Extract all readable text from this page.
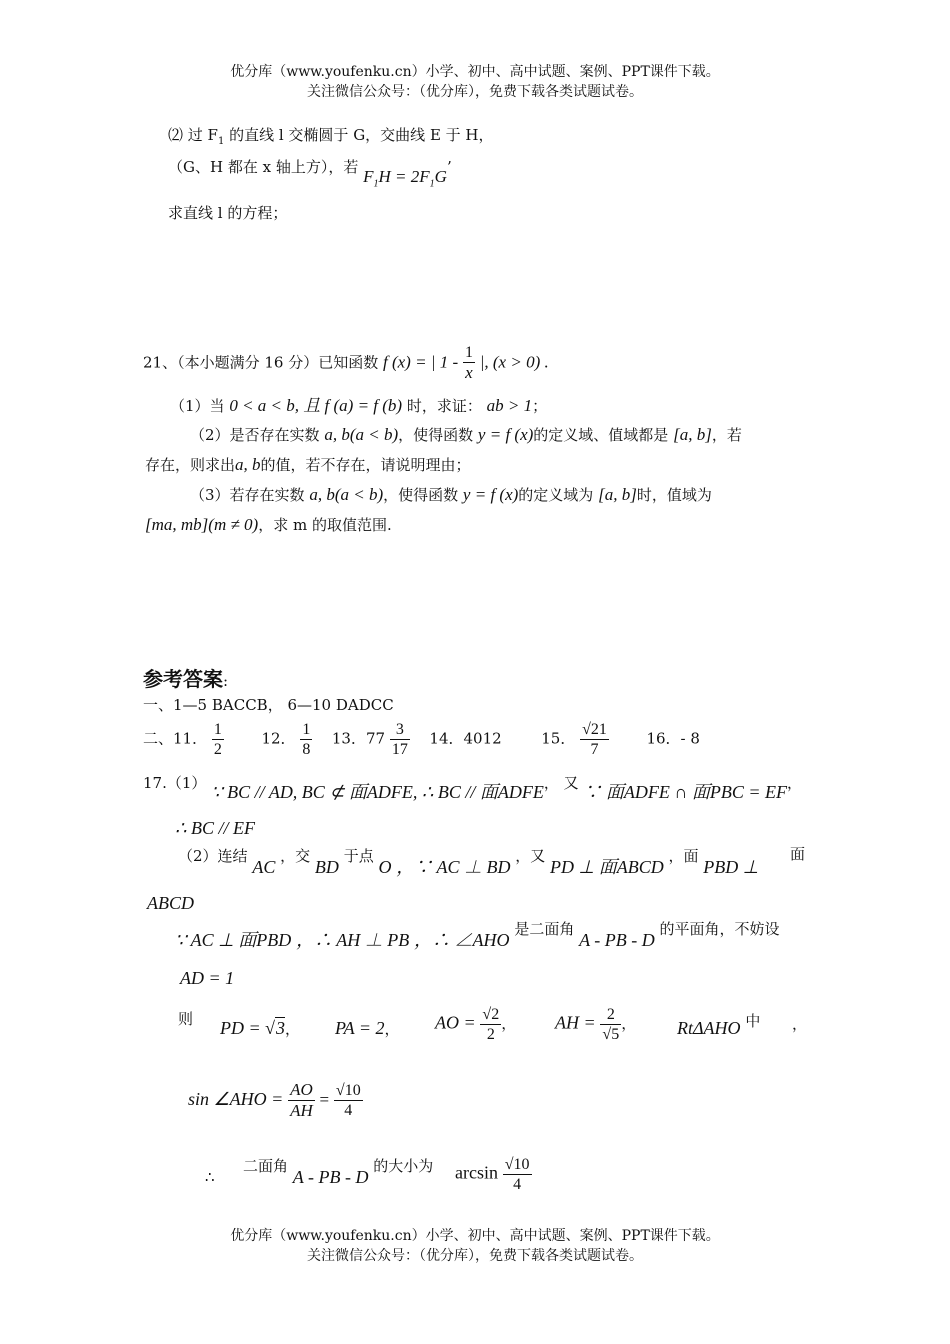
优分库（www.youfenku.cn）小学、初中、高中试题、案例、PPT课件下载。
关注微信公众号：（优分库），免费下载各类试题试卷。
⑵ 过 $F_1$ 的直线 l 交椭圆于 G，交曲线 E 于 H，
（G、H 都在 x 轴上方），若 $F_1H = 2F_1G$’
求直线 l 的方程；
21、（本小题满分 16 分）已知函数 f (x) = | $1 - \frac{1}{x}$ |, (x > 0) .
（1）当 0 < a < b, 且 f (a) = f (b) 时，求证： ab > 1；
（2）是否存在实数 a, b(a < b)，使得函数 y = f (x)的定义域、值域都是 [a, b]，若
存在，则求出a, b的值，若不存在，请说明理由；
（3）若存在实数 a, b(a < b)，使得函数 y = f (x)的定义域为 [a, b]时，值域为
[ma, mb](m ≠ 0)，求 m 的取值范围.
参考答案:
一、1—5 BACCB， 6—10 DADCC
二、11． $\frac{1}{2}$	12． $\frac{1}{8} 13$．$77 \frac{3}{17} 14$．4012	15． $\frac{√21}{7}$	16．- 8
17.（1） ∵ BC // AD, BC ⊄ 面ADFE, ∴ BC // 面ADFE， 又 ∵ 面ADFE ∩ 面PBC = EF，
∴ BC // EF
（2）连结 AC ，交 BD 于点 O ，∵ AC ⊥ BD ，又 PD ⊥ 面ABCD ，面 PBD ⊥
面
ABCD
∵ AC ⊥ 面PBD ，∴ AH ⊥ PB ，∴ ∠AHO 是二面角 A - PB - D 的平面角，不妨设
AD = 1
则 PD = √3， PA = 2， AO = $\frac{√2}{2}$ ， AH = $\frac{2}{√5}$ ， RtΔAHO 中 ，
sin ∠AHO = $\frac{AO}{AH} = \frac{√10}{4}$
∴
二面角 A - PB - D 的大小为 $\arcsin \frac{√10}{4}$
优分库（www.youfenku.cn）小学、初中、高中试题、案例、PPT课件下载。
关注微信公众号：（优分库），免费下载各类试题试卷。
